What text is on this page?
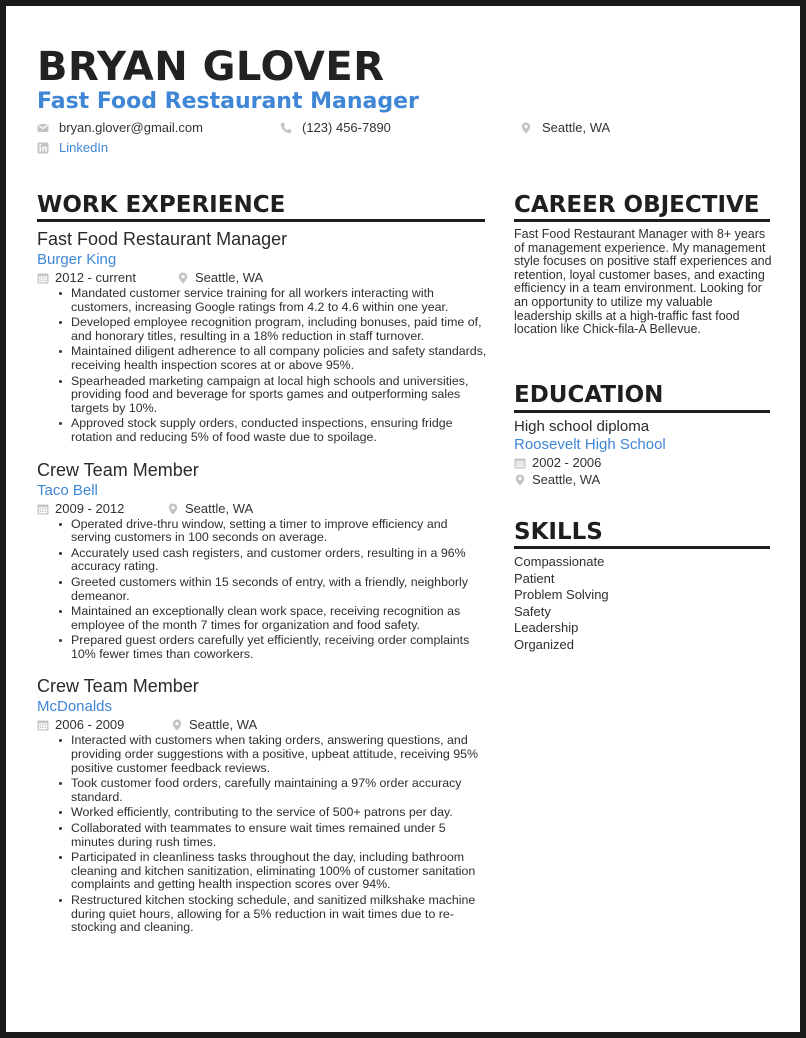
BRYAN GLOVER
Fast Food Restaurant Manager
bryan.glover@gmail.com	(123) 456-7890	Seattle, WA
LinkedIn
WORK EXPERIENCE
Fast Food Restaurant Manager
Burger King
2012 - current	Seattle, WA
Mandated customer service training for all workers interacting with customers, increasing Google ratings from 4.2 to 4.6 within one year.
Developed employee recognition program, including bonuses, paid time of, and honorary titles, resulting in a 18% reduction in staff turnover.
Maintained diligent adherence to all company policies and safety standards, receiving health inspection scores at or above 95%.
Spearheaded marketing campaign at local high schools and universities, providing food and beverage for sports games and outperforming sales targets by 10%.
Approved stock supply orders, conducted inspections, ensuring fridge rotation and reducing 5% of food waste due to spoilage.
Crew Team Member
Taco Bell
2009 - 2012	Seattle, WA
Operated drive-thru window, setting a timer to improve efficiency and serving customers in 100 seconds on average.
Accurately used cash registers, and customer orders, resulting in a 96% accuracy rating.
Greeted customers within 15 seconds of entry, with a friendly, neighborly demeanor.
Maintained an exceptionally clean work space, receiving recognition as employee of the month 7 times for organization and food safety.
Prepared guest orders carefully yet efficiently, receiving order complaints 10% fewer times than coworkers.
Crew Team Member
McDonalds
2006 - 2009	Seattle, WA
Interacted with customers when taking orders, answering questions, and providing order suggestions with a positive, upbeat attitude, receiving 95% positive customer feedback reviews.
Took customer food orders, carefully maintaining a 97% order accuracy standard.
Worked efficiently, contributing to the service of 500+ patrons per day.
Collaborated with teammates to ensure wait times remained under 5 minutes during rush times.
Participated in cleanliness tasks throughout the day, including bathroom cleaning and kitchen sanitization, eliminating 100% of customer sanitation complaints and getting health inspection scores over 94%.
Restructured kitchen stocking schedule, and sanitized milkshake machine during quiet hours, allowing for a 5% reduction in wait times due to re-stocking and cleaning.
CAREER OBJECTIVE

Fast Food Restaurant Manager with 8+ years of management experience. My management style focuses on positive staff experiences and retention, loyal customer bases, and exacting efficiency in a team environment. Looking for an opportunity to utilize my valuable leadership skills at a high-traffic fast food location like Chick-fila-A Bellevue.

EDUCATION
High school diploma
Roosevelt High School
2002 - 2006
Seattle, WA
SKILLS
Compassionate
Patient
Problem Solving
Safety
Leadership
Organized
